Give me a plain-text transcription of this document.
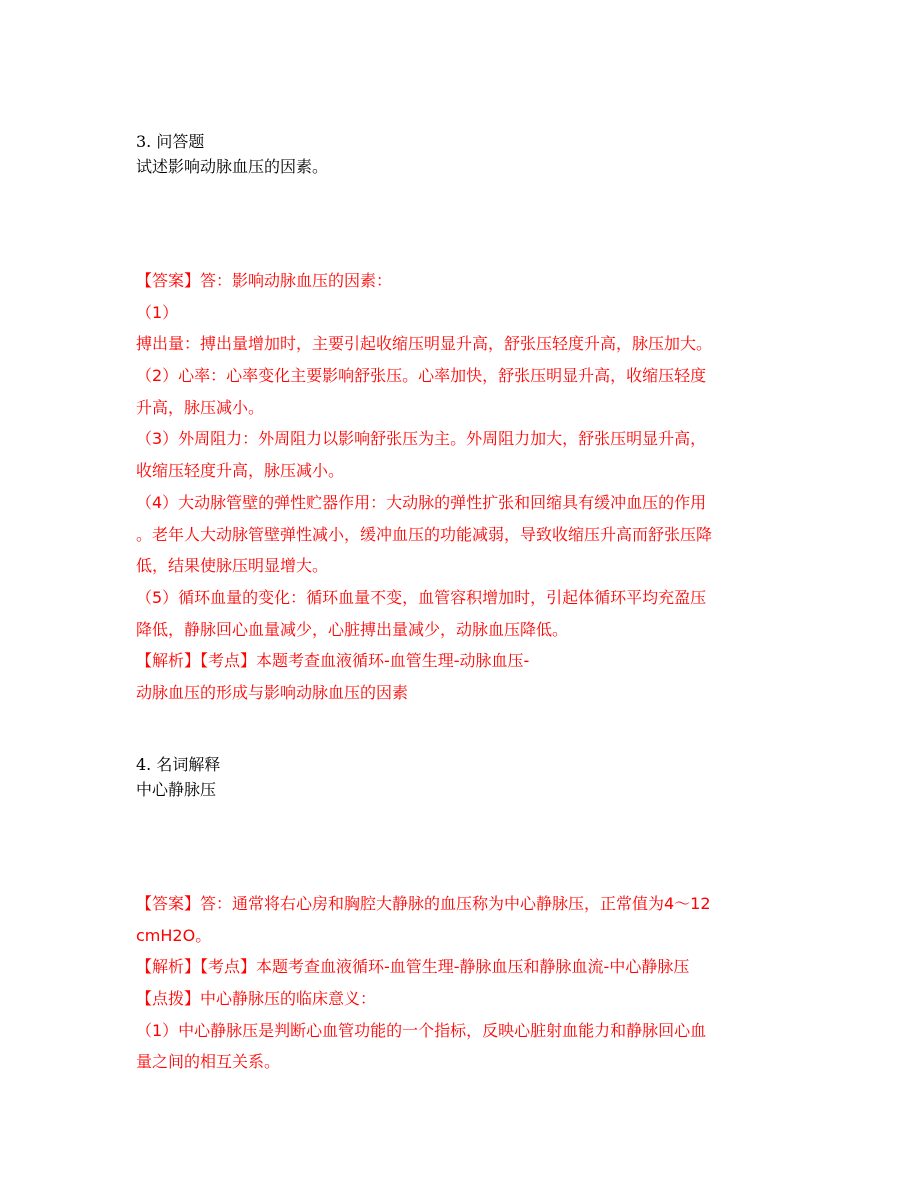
3. 问答题
试述影响动脉血压的因素。
【答案】答：影响动脉血压的因素：
（1）
搏出量：搏出量增加时，主要引起收缩压明显升高，舒张压轻度升高，脉压加大。
（2）心率：心率变化主要影响舒张压。心率加快，舒张压明显升高，收缩压轻度
升高，脉压减小。
（3）外周阻力：外周阻力以影响舒张压为主。外周阻力加大，舒张压明显升高，
收缩压轻度升高，脉压减小。
（4）大动脉管壁的弹性贮器作用：大动脉的弹性扩张和回缩具有缓冲血压的作用
。老年人大动脉管壁弹性减小，缓冲血压的功能减弱，导致收缩压升高而舒张压降
低，结果使脉压明显增大。
（5）循环血量的变化：循环血量不变，血管容积增加时，引起体循环平均充盈压
降低，静脉回心血量减少，心脏搏出量减少，动脉血压降低。
【解析】【考点】本题考查血液循环-血管生理-动脉血压-
动脉血压的形成与影响动脉血压的因素
4. 名词解释
中心静脉压
【答案】答：通常将右心房和胸腔大静脉的血压称为中心静脉压，正常值为4～12
cmH2O。
【解析】【考点】本题考查血液循环-血管生理-静脉血压和静脉血流-中心静脉压
【点拨】中心静脉压的临床意义：
（1）中心静脉压是判断心血管功能的一个指标，反映心脏射血能力和静脉回心血
量之间的相互关系。
